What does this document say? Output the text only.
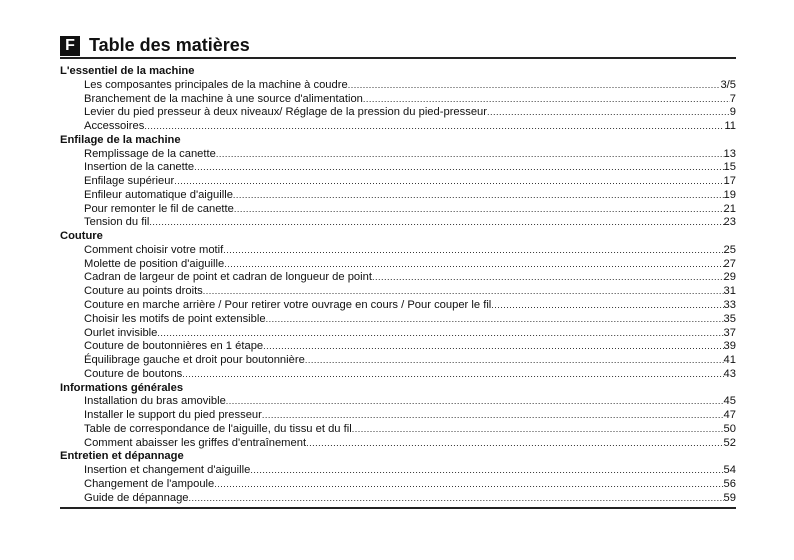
F Table des matières
L'essentiel de la machine
Les composantes principales de la machine à coudre .....	3/5
Branchement de la machine à une source d'alimentation .....	7
Levier du pied presseur à deux niveaux/ Réglage de la pression du pied-presseur .....	9
Accessoires .....	11
Enfilage de la machine
Remplissage de la canette .....	13
Insertion de la canette .....	15
Enfilage supérieur .....	17
Enfileur automatique d'aiguille .....	19
Pour remonter le fil de canette .....	21
Tension du fil .....	23
Couture
Comment choisir votre motif .....	25
Molette de position d'aiguille .....	27
Cadran de largeur de point et cadran de longueur de point .....	29
Couture au points droits .....	31
Couture en marche arrière / Pour retirer votre ouvrage en cours / Pour couper le fil .....	33
Choisir les motifs de point extensible .....	35
Ourlet invisible .....	37
Couture de boutonnières en 1 étape .....	39
Équilibrage gauche et droit pour boutonnière .....	41
Couture de boutons .....	43
Informations générales
Installation du bras amovible .....	45
Installer le support du pied presseur .....	47
Table de correspondance de l'aiguille, du tissu et du fil .....	50
Comment abaisser les griffes d'entraînement .....	52
Entretien et dépannage
Insertion et changement d'aiguille .....	54
Changement de l'ampoule .....	56
Guide de dépannage .....	59
